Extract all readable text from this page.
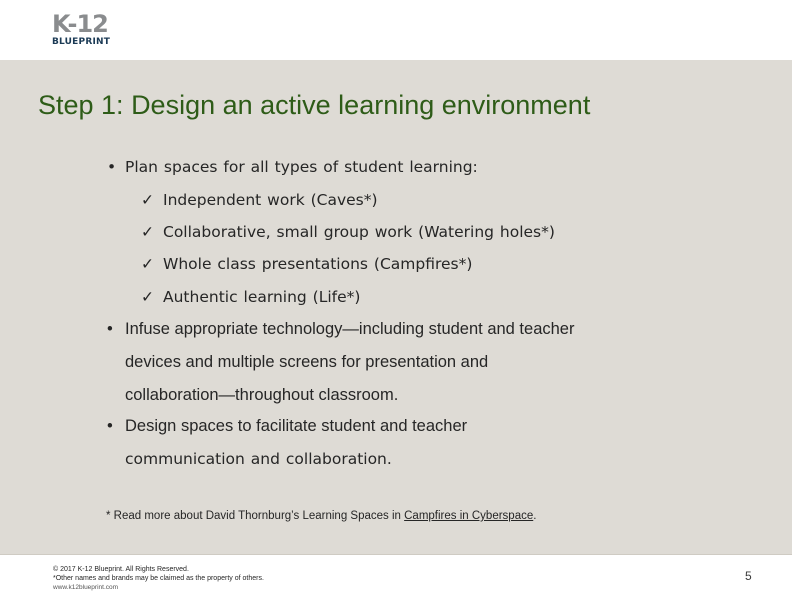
K-12
BLUEPRINT
Step 1: Design an active learning environment
• Plan spaces for all types of student learning:
✓ Independent work (Caves*)
✓ Collaborative, small group work (Watering holes*)
✓ Whole class presentations (Campfires*)
✓ Authentic learning (Life*)
• Infuse appropriate technology—including student and teacher
devices and multiple screens for presentation and
collaboration—throughout classroom.
• Design spaces to facilitate student and teacher
communication and collaboration.
* Read more about David Thornburg’s Learning Spaces in Campfires in Cyberspace.
© 2017 K-12 Blueprint. All Rights Reserved.
*Other names and brands may be claimed as the property of others.
www.k12blueprint.com
5
